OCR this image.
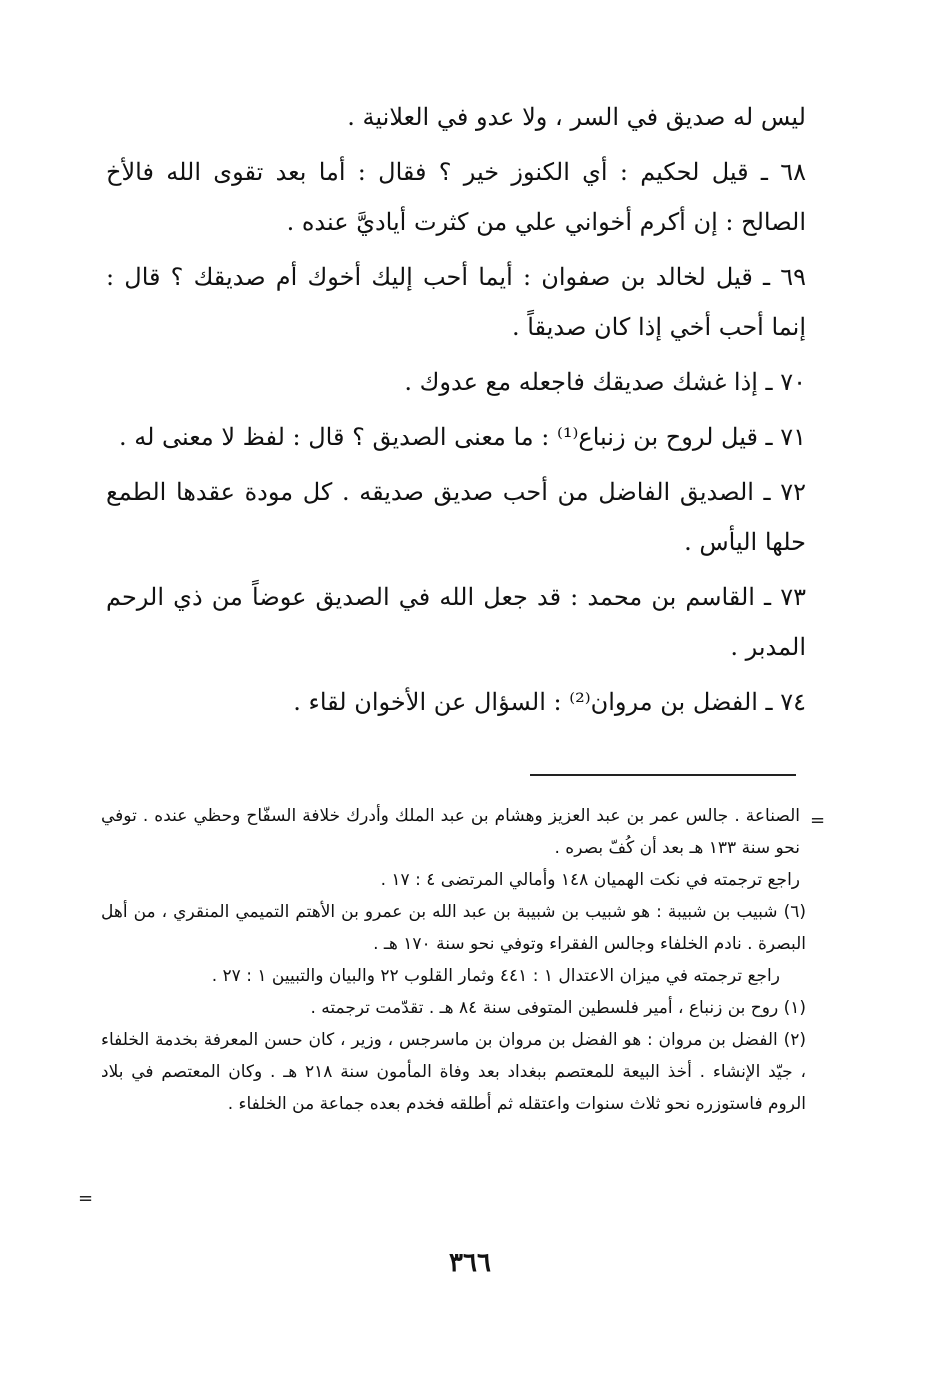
ليس له صديق في السر ، ولا عدو في العلانية .

٦٨ ـ قيل لحكيم : أي الكنوز خير ؟ فقال : أما بعد تقوى الله فالأخ الصالح : إن أكرم أخواني علي من كثرت أياديَّ عنده .

٦٩ ـ قيل لخالد بن صفوان : أيما أحب إليك أخوك أم صديقك ؟ قال : إنما أحب أخي إذا كان صديقاً .

٧٠ ـ إذا غشك صديقك فاجعله مع عدوك .

٧١ ـ قيل لروح بن زنباع⁽¹⁾ : ما معنى الصديق ؟ قال : لفظ لا معنى له .

٧٢ ـ الصديق الفاضل من أحب صديق صديقه . كل مودة عقدها الطمع حلها اليأس .

٧٣ ـ القاسم بن محمد : قد جعل الله في الصديق عوضاً من ذي الرحم المدبر .

٧٤ ـ الفضل بن مروان⁽²⁾ : السؤال عن الأخوان لقاء .

=

الصناعة . جالس عمر بن عبد العزيز وهشام بن عبد الملك وأدرك خلافة السفّاح وحظي عنده . توفي نحو سنة ١٣٣ هـ بعد أن كُفّ بصره .

راجع ترجمته في نكت الهميان ١٤٨ وأمالي المرتضى ٤ : ١٧ .

(٦) شبيب بن شبيبة : هو شبيب بن شبيبة بن عبد الله بن عمرو بن الأهتم التميمي المنقري ، من أهل البصرة . نادم الخلفاء وجالس الفقراء وتوفي نحو سنة ١٧٠ هـ .

راجع ترجمته في ميزان الاعتدال ١ : ٤٤١ وثمار القلوب ٢٢ والبيان والتبيين ١ : ٢٧ .

(١) روح بن زنباع ، أمير فلسطين المتوفى سنة ٨٤ هـ . تقدّمت ترجمته .

(٢) الفضل بن مروان : هو الفضل بن مروان بن ماسرجس ، وزير ، كان حسن المعرفة بخدمة الخلفاء ، جيّد الإنشاء . أخذ البيعة للمعتصم ببغداد بعد وفاة المأمون سنة ٢١٨ هـ . وكان المعتصم في بلاد الروم فاستوزره نحو ثلاث سنوات واعتقله ثم أطلقه فخدم بعده جماعة من الخلفاء .

=
٣٦٦
